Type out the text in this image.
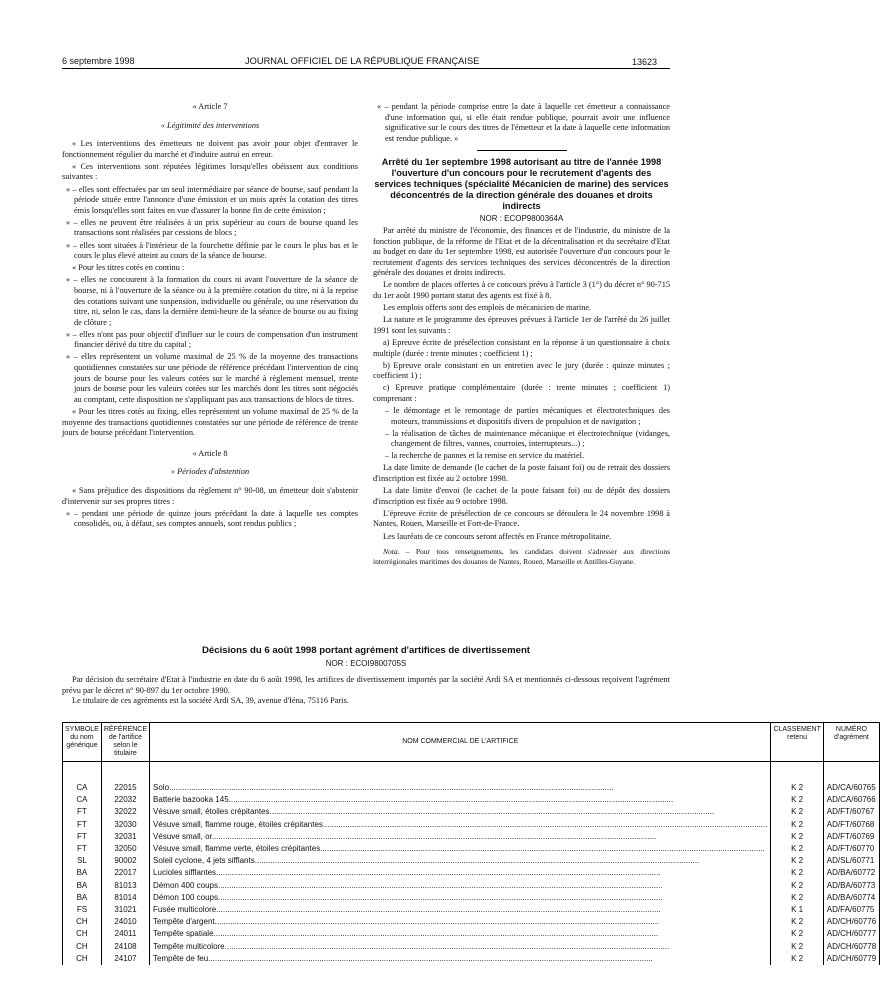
6 septembre 1998	JOURNAL OFFICIEL DE LA RÉPUBLIQUE FRANÇAISE	13623

« Article 7

« Légitimité des interventions

« Les interventions des émetteurs ne doivent pas avoir pour objet d'entraver le fonctionnement régulier du marché et d'induire autrui en erreur.

« Ces interventions sont réputées légitimes lorsqu'elles obéissent aux conditions suivantes :

« – elles sont effectuées par un seul intermédiaire par séance de bourse, sauf pendant la période située entre l'annonce d'une émission et un mois après la cotation des titres émis lorsqu'elles sont faites en vue d'assurer la bonne fin de cette émission ;

« – elles ne peuvent être réalisées à un prix supérieur au cours de bourse quand les transactions sont réalisées par cessions de blocs ;

« – elles sont situées à l'intérieur de la fourchette définie par le cours le plus bas et le cours le plus élevé atteint au cours de la séance de bourse.

« Pour les titres cotés en continu :

« – elles ne concourent à la formation du cours ni avant l'ouverture de la séance de bourse, ni à l'ouverture de la séance ou à la première cotation du titre, ni à la reprise des cotations suivant une suspension, individuelle ou générale, ou une réservation du titre, ni, selon le cas, dans la dernière demi-heure de la séance de bourse ou au fixing de clôture ;

« – elles n'ont pas pour objectif d'influer sur le cours de compensation d'un instrument financier dérivé du titre du capital ;

« – elles représentent un volume maximal de 25 % de la moyenne des transactions quotidiennes constatées sur une période de référence précédant l'intervention de cinq jours de bourse pour les valeurs cotées sur le marché à règlement mensuel, trente jours de bourse pour les valeurs cotées sur les marchés dont les titres sont négociés au comptant, cette disposition ne s'appliquant pas aux transactions de blocs de titres.

« Pour les titres cotés au fixing, elles représentent un volume maximal de 25 % de la moyenne des transactions quotidiennes constatées sur une période de référence de trente jours de bourse précédant l'intervention.

« Article 8

« Périodes d'abstention

« Sans préjudice des dispositions du règlement n° 90-08, un émetteur doit s'abstenir d'intervenir sur ses propres titres :

« – pendant une période de quinze jours précédant la date à laquelle ses comptes consolidés, ou, à défaut, ses comptes annuels, sont rendus publics ;

« – pendant la période comprise entre la date à laquelle cet émetteur a connaissance d'une information qui, si elle était rendue publique, pourrait avoir une influence significative sur le cours des titres de l'émetteur et la date à laquelle cette information est rendue publique. »

Arrêté du 1er septembre 1998 autorisant au titre de l'année 1998 l'ouverture d'un concours pour le recrutement d'agents des services techniques (spécialité Mécanicien de marine) des services déconcentrés de la direction générale des douanes et droits indirects

NOR : ECOP9800364A

Par arrêté du ministre de l'économie, des finances et de l'industrie, du ministre de la fonction publique, de la réforme de l'Etat et de la décentralisation et du secrétaire d'Etat au budget en date du 1er septembre 1998, est autorisée l'ouverture d'un concours pour le recrutement d'agents des services techniques des services déconcentrés de la direction générale des douanes et droits indirects.

Le nombre de places offertes à ce concours prévu à l'article 3 (1°) du décret n° 90-715 du 1er août 1990 portant statut des agents est fixé à 8.

Les emplois offerts sont des emplois de mécanicien de marine.

La nature et le programme des épreuves prévues à l'article 1er de l'arrêté du 26 juillet 1991 sont les suivants :

a) Epreuve écrite de présélection consistant en la réponse à un questionnaire à choix multiple (durée : trente minutes ; coefficient 1) ;

b) Epreuve orale consistant en un entretien avec le jury (durée : quinze minutes ; coefficient 1) ;

c) Epreuve pratique complémentaire (durée : trente minutes ; coefficient 1) comprenant :

– le démontage et le remontage de parties mécaniques et électrotechniques des moteurs, transmissions et dispositifs divers de propulsion et de navigation ;

– la réalisation de tâches de maintenance mécanique et électrotechnique (vidanges, changement de filtres, vannes, courroies, interrupteurs...) ;

– la recherche de pannes et la remise en service du matériel.

La date limite de demande (le cachet de la poste faisant foi) ou de retrait des dossiers d'inscription est fixée au 2 octobre 1998.

La date limite d'envoi (le cachet de la poste faisant foi) ou de dépôt des dossiers d'inscription est fixée au 9 octobre 1998.

L'épreuve écrite de présélection de ce concours se déroulera le 24 novembre 1998 à Nantes, Rouen, Marseille et Fort-de-France.

Les lauréats de ce concours seront affectés en France métropolitaine.

Nota. – Pour tous renseignements, les candidats doivent s'adresser aux directions interrégionales maritimes des douanes de Nantes, Rouen, Marseille et Antilles-Guyane.

Décisions du 6 août 1998 portant agrément d'artifices de divertissement

NOR : ECOI9800705S

Par décision du secrétaire d'Etat à l'industrie en date du 6 août 1998, les artifices de divertissement importés par la société Ardi SA et mentionnés ci-dessous reçoivent l'agrément prévu par le décret n° 90-897 du 1er octobre 1990.

Le titulaire de ces agréments est la société Ardi SA, 39, avenue d'Iéna, 75116 Paris.

SYMBOLE du nom générique	RÉFÉRENCE de l'artifice selon le titulaire	NOM COMMERCIAL DE L'ARTIFICE	CLASSEMENT retenu	NUMÉRO d'agrément

CA	22015	Solo........................................................................................................................................................................................................	K 2	AD/CA/60765
CA	22032	Batterie bazooka 145........................................................................................................................................................................................................	K 2	AD/CA/60766
FT	32022	Vésuve small, étoiles crépitantes........................................................................................................................................................................................................	K 2	AD/FT/60767
FT	32030	Vésuve small, flamme rouge, étoiles crépitantes........................................................................................................................................................................................................	K 2	AD/FT/60768
FT	32031	Vésuve small, or........................................................................................................................................................................................................	K 2	AD/FT/60769
FT	32050	Vésuve small, flamme verte, étoiles crépitantes........................................................................................................................................................................................................	K 2	AD/FT/60770
SL	90002	Soleil cyclone, 4 jets sifflants........................................................................................................................................................................................................	K 2	AD/SL/60771
BA	22017	Lucioles sifflantes........................................................................................................................................................................................................	K 2	AD/BA/60772
BA	81013	Démon 400 coups........................................................................................................................................................................................................	K 2	AD/BA/60773
BA	81014	Démon 100 coups........................................................................................................................................................................................................	K 2	AD/BA/60774
FS	31021	Fusée multicolore........................................................................................................................................................................................................	K 1	AD/FA/60775
CH	24010	Tempête d'argent........................................................................................................................................................................................................	K 2	AD/CH/60776
CH	24011	Tempête spatiale........................................................................................................................................................................................................	K 2	AD/CH/60777
CH	24108	Tempête multicolore........................................................................................................................................................................................................	K 2	AD/CH/60778
CH	24107	Tempête de feu........................................................................................................................................................................................................	K 2	AD/CH/60779
